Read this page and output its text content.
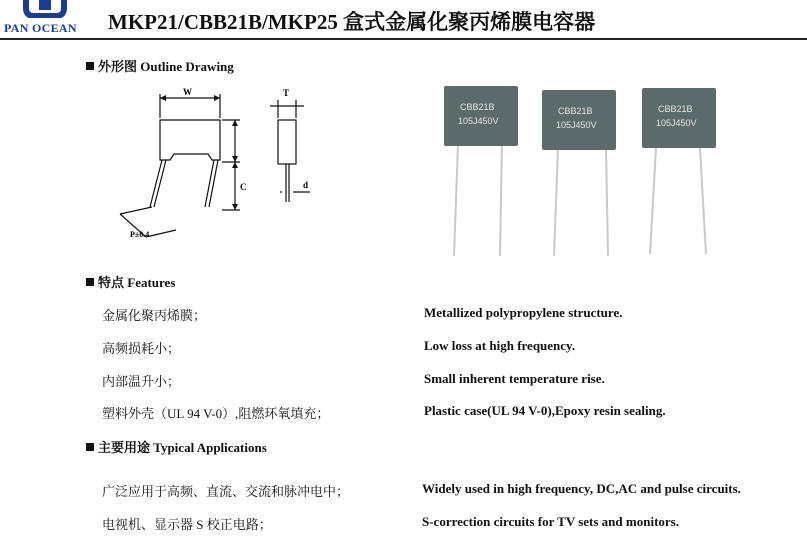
PAN OCEAN MKP21/CBB21B/MKP25 盒式金属化聚丙烯膜电容器
外形图 Outline Drawing
W	T
C	d
P±0.4
CBB21B
105J450V
CBB21B
105J450V
CBB21B
105J450V
特点 Features
金属化聚丙烯膜；	Metallized polypropylene structure.
高频损耗小；	Low loss at high frequency.
内部温升小；	Small inherent temperature rise.
塑料外壳（UL 94 V-0）,阻燃环氧填充；	Plastic case(UL 94 V-0),Epoxy resin sealing.
主要用途 Typical Applications
广泛应用于高频、直流、交流和脉冲电中；	Widely used in high frequency, DC,AC and pulse circuits.
电视机、显示器 S 校正电路；	S-correction circuits for TV sets and monitors.
